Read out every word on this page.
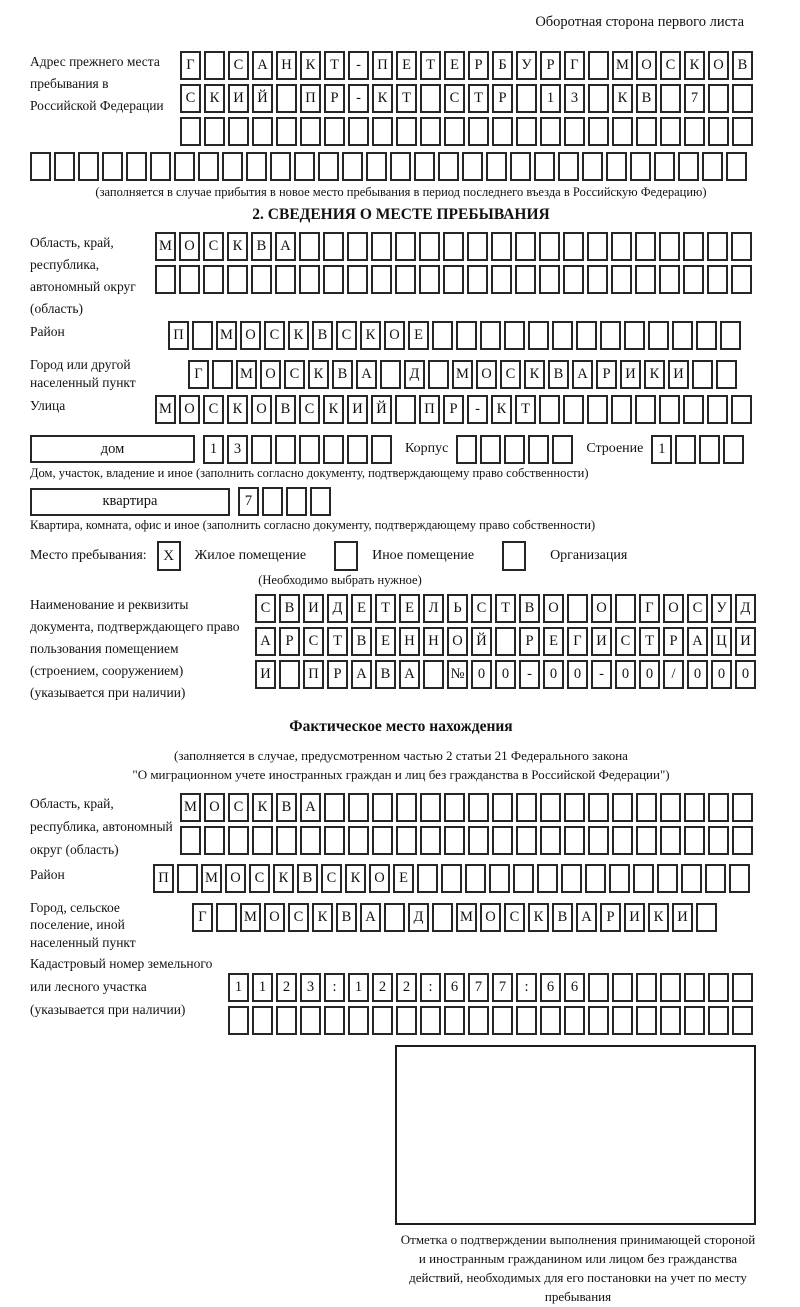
Оборотная сторона первого листа
Адрес прежнего места пребывания в Российской Федерации
Г	С А Н К Т - П Е Т Е Р Б У Р Г	М О С К О В
С К И Й	П Р - К Т	С Т Р	1 3	К В	7
(заполняется в случае прибытия в новое место пребывания в период последнего въезда в Российскую Федерацию)
2. СВЕДЕНИЯ О МЕСТЕ ПРЕБЫВАНИЯ
Область, край, республика, автономный округ (область)
М О С К В А
Район	П	М О С К В С К О Е
Город или другой населенный пункт
Г	М О С К В А	Д	М О С К В А Р И К И
Улица	М О С К О В С К И Й	П Р - К Т
дом	1 3	Корпус	Строение	1
Дом, участок, владение и иное (заполнить согласно документу, подтверждающему право собственности)
квартира	7
Квартира, комната, офис и иное (заполнить согласно документу, подтверждающему право собственности)
Место пребывания:	X	Жилое помещение	Иное помещение	Организация
(Необходимо выбрать нужное)
Наименование и реквизиты документа, подтверждающего право пользования помещением (строением, сооружением) (указывается при наличии)
С В И Д Е Т Е Л Ь С Т В О	О	Г О С У Д
А Р С Т В Е Н Н О Й	Р Е Г И С Т Р А Ц И
И	П Р А В А № 0 0 - 0 0 - 0 0 / 0 0 0
Фактическое место нахождения
(заполняется в случае, предусмотренном частью 2 статьи 21 Федерального закона
"О миграционном учете иностранных граждан и лиц без гражданства в Российской Федерации")
Область, край, республика, автономный округ (область)
М О С К В А
Район	П	М О С К В С К О Е
Город, сельское поселение, иной населенный пункт
Г	М О С К В А	Д	М О С К В А Р И К И
Кадастровый номер земельного или лесного участка (указывается при наличии)
1 1 2 3 : 1 2 2 : 6 7 7 : 6 6
Отметка о подтверждении выполнения принимающей стороной и иностранным гражданином или лицом без гражданства действий, необходимых для его постановки на учет по месту пребывания
